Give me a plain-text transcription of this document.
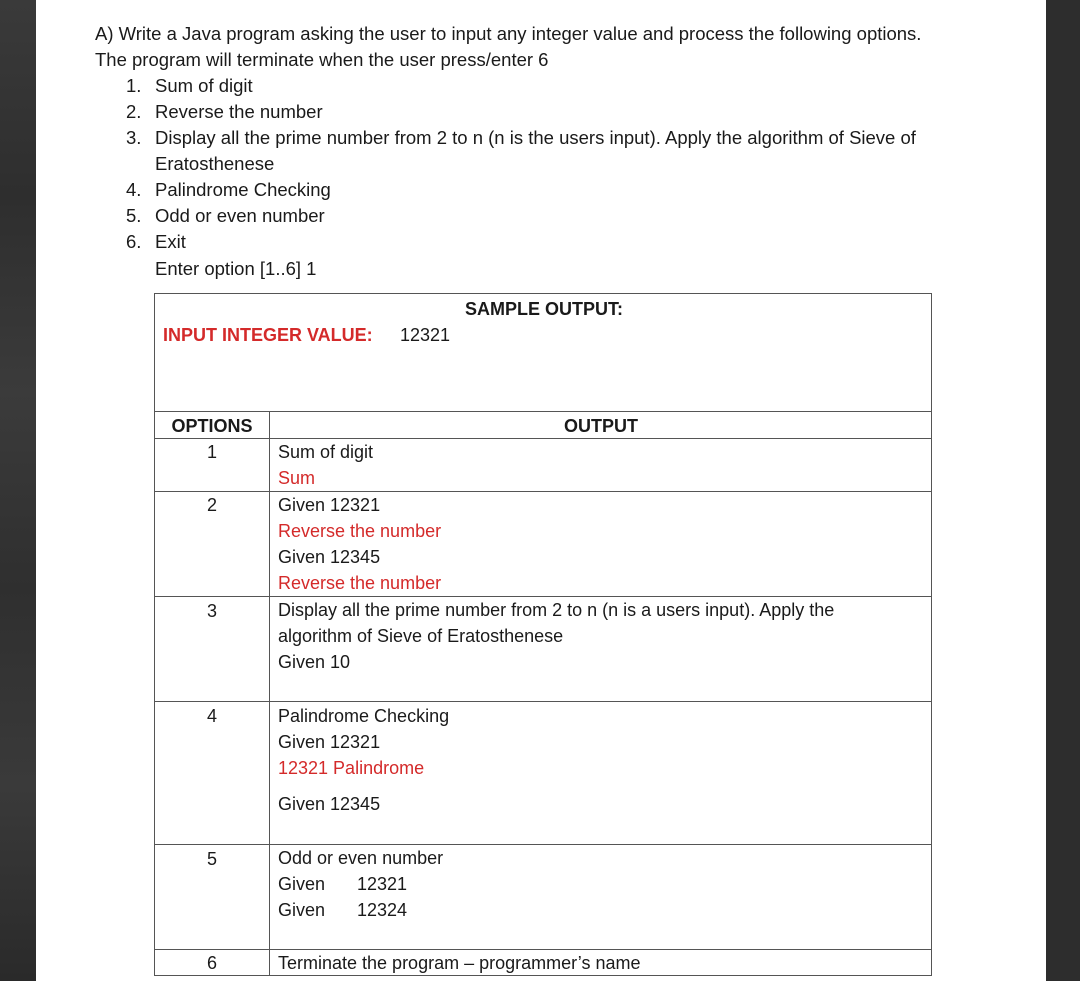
A) Write a Java program asking the user to input any integer value and process the following options.
The program will terminate when the user press/enter 6
1. Sum of digit
2. Reverse the number
3. Display all the prime number from 2 to n (n is the users input). Apply the algorithm of Sieve of
Eratosthenese
4. Palindrome Checking
5. Odd or even number
6. Exit
Enter option [1..6] 1
SAMPLE OUTPUT:
INPUT INTEGER VALUE: 12321
OPTIONS	OUTPUT
1	Sum of digit
Sum
2	Given 12321
Reverse the number
Given 12345
Reverse the number
3	Display all the prime number from 2 to n (n is a users input). Apply the
algorithm of Sieve of Eratosthenese
Given 10
4	Palindrome Checking
Given 12321
12321 Palindrome
Given 12345
5	Odd or even number
Given 12321
Given 12324
6	Terminate the program – programmer’s name
